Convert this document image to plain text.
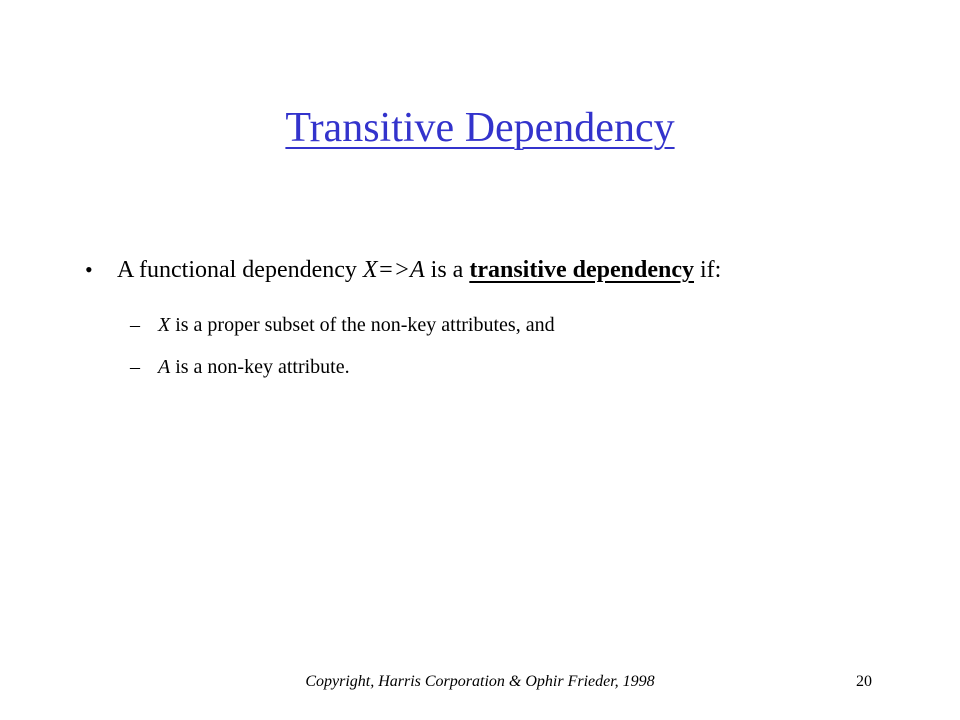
Transitive Dependency
• A functional dependency X=>A is a transitive dependency if:
– X is a proper subset of the non-key attributes, and
– A is a non-key attribute.
Copyright, Harris Corporation & Ophir Frieder, 1998	20
